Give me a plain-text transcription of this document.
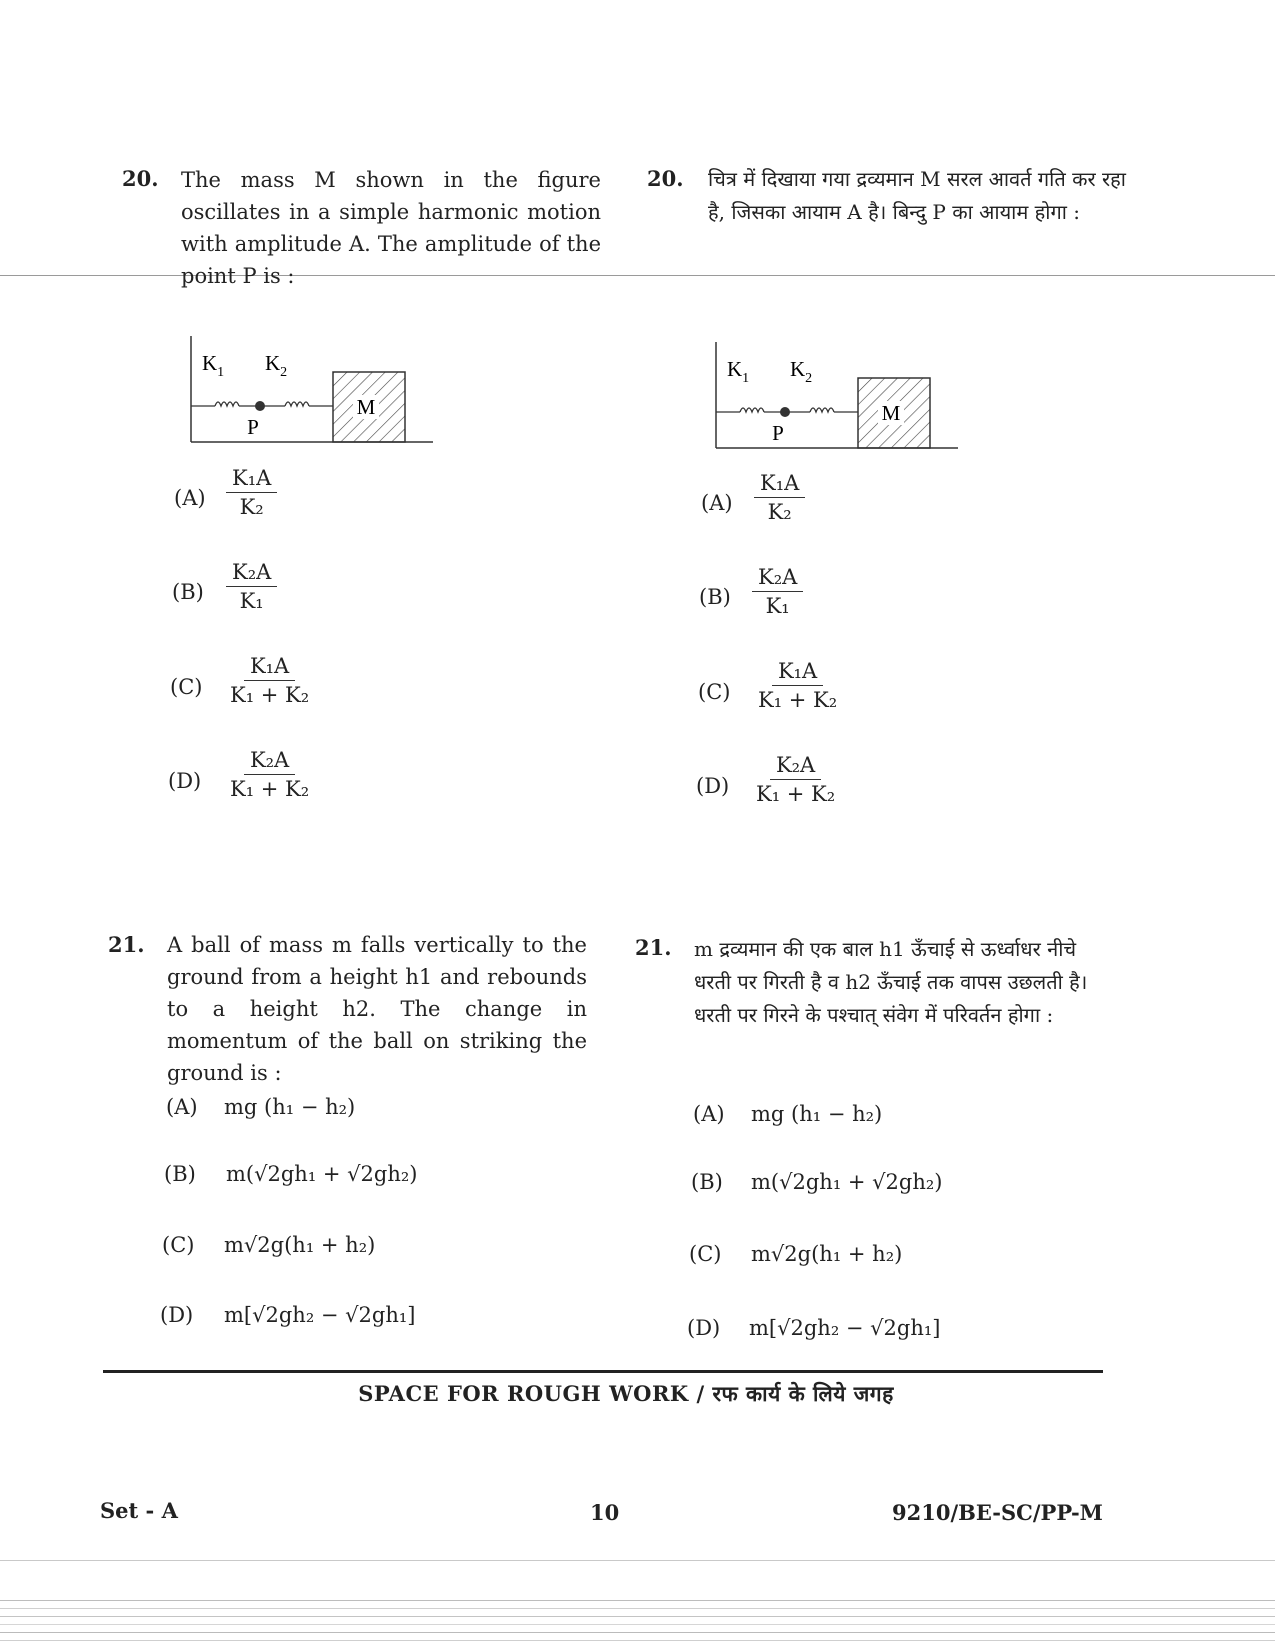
20. The mass M shown in the figure oscillates in a simple harmonic motion with amplitude A. The amplitude of the point P is :
M
$K_1$ $K_2$
P
$(A) \frac{\text{K₁A}}{\text{K₂}}$
$(B) \frac{\text{K₂A}}{\text{K₁}}$
$(C) \frac{\text{K₁A}}{\text{K₁ + K₂}}$
$(D) \frac{\text{K₂A}}{\text{K₁ + K₂}}$
20. चित्र में दिखाया गया द्रव्यमान M सरल आवर्त गति कर रहा है, जिसका आयाम A है। बिन्दु P का आयाम होगा :
M
$K_1$ $K_2$
P
$(A) \frac{\text{K₁A}}{\text{K₂}}$
$(B) \frac{\text{K₂A}}{\text{K₁}}$
$(C) \frac{\text{K₁A}}{\text{K₁ + K₂}}$
$(D) \frac{\text{K₂A}}{\text{K₁ + K₂}}$
21. A ball of mass m falls vertically to the ground from a height h1 and rebounds to a height h2. The change in momentum of the ball on striking the ground is :
(A) mg (h₁ − h₂)
(B) m(√2gh₁ + √2gh₂)
(C) m√2g(h₁ + h₂)
(D) m[√2gh₂ − √2gh₁]
21. m द्रव्यमान की एक बाल h1 ऊँचाई से ऊर्ध्वाधर नीचे धरती पर गिरती है व h2 ऊँचाई तक वापस उछलती है। धरती पर गिरने के पश्चात् संवेग में परिवर्तन होगा :
(A) mg (h₁ − h₂)
(B) m(√2gh₁ + √2gh₂)
(C) m√2g(h₁ + h₂)
(D) m[√2gh₂ − √2gh₁]
SPACE FOR ROUGH WORK / रफ कार्य के लिये जगह
Set - A	10	9210/BE-SC/PP-M
